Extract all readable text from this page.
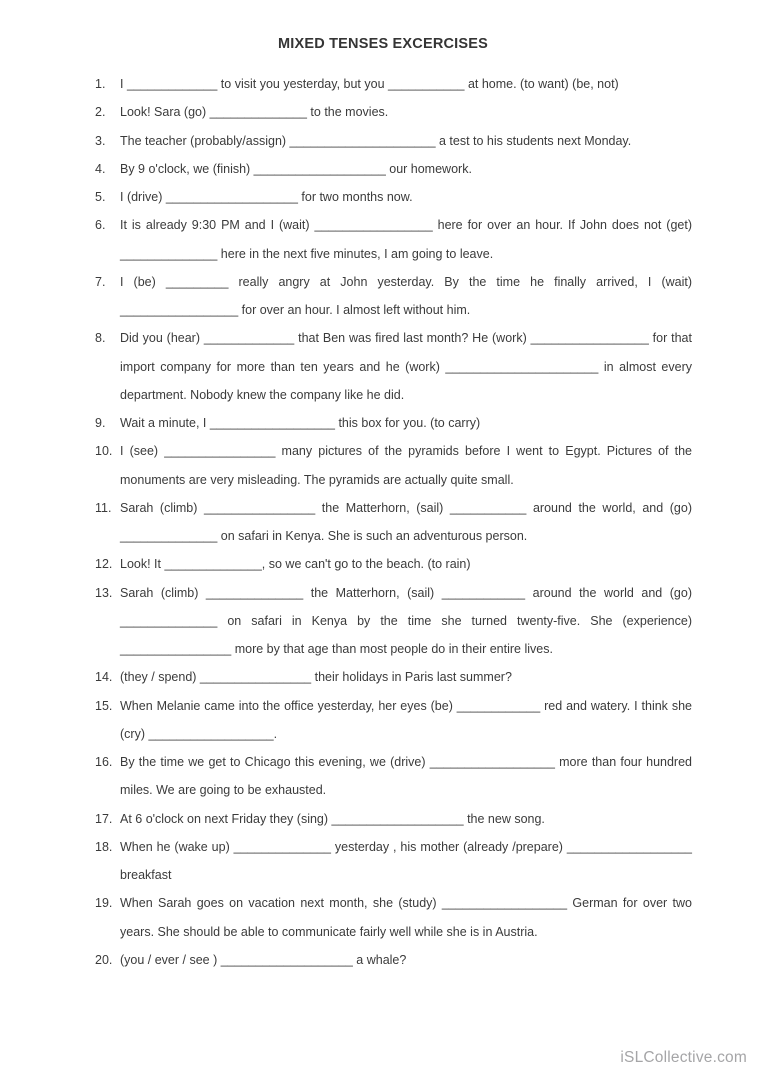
MIXED TENSES EXCERCISES
1.	I _____________ to visit you yesterday, but you ___________ at home. (to want) (be, not)
2.	Look! Sara (go) ______________ to the movies.
3.	The teacher (probably/assign) _____________________ a test to his students next Monday.
4.	By 9 o'clock, we (finish) ___________________ our homework.
5.	I (drive) ___________________ for two months now.
6.	It is already 9:30 PM and I (wait) _________________ here for over an hour. If John does not (get) ______________ here in the next five minutes, I am going to leave.
7.	I (be) _________ really angry at John yesterday. By the time he finally arrived, I (wait) _________________ for over an hour. I almost left without him.
8.	Did you (hear) _____________ that Ben was fired last month? He (work) _________________ for that import company for more than ten years and he (work) ______________________ in almost every department. Nobody knew the company like he did.
9.	Wait a minute, I __________________ this box for you. (to carry)
10. I (see) ________________ many pictures of the pyramids before I went to Egypt. Pictures of the monuments are very misleading. The pyramids are actually quite small.
11. Sarah (climb) ________________ the Matterhorn, (sail) ___________ around the world, and (go) ______________ on safari in Kenya. She is such an adventurous person.
12. Look! It ______________, so we can't go to the beach. (to rain)
13. Sarah (climb) ______________ the Matterhorn, (sail) ____________ around the world and (go) ______________ on safari in Kenya by the time she turned twenty-five. She (experience) ________________ more by that age than most people do in their entire lives.
14. (they / spend) ________________ their holidays in Paris last summer?
15. When Melanie came into the office yesterday, her eyes (be) ____________ red and watery. I think she (cry) __________________.
16. By the time we get to Chicago this evening, we (drive) __________________ more than four hundred miles. We are going to be exhausted.
17. At 6 o'clock on next Friday they (sing) ___________________ the new song.
18. When he (wake up) ______________ yesterday , his mother (already /prepare) __________________ breakfast
19. When Sarah goes on vacation next month, she (study) __________________ German for over two years. She should be able to communicate fairly well while she is in Austria.
20. (you / ever / see ) ___________________ a whale?
iSLCollective.com
